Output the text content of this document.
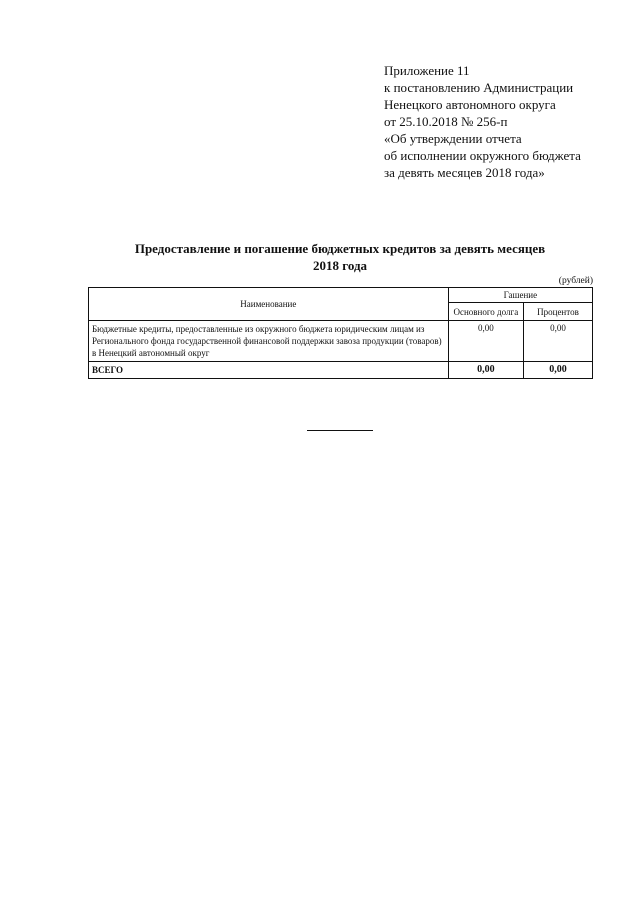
Приложение 11
к постановлению Администрации
Ненецкого автономного округа
от 25.10.2018 № 256-п
«Об утверждении отчета
об исполнении окружного бюджета
за девять месяцев 2018 года»
Предоставление и погашение бюджетных кредитов за девять месяцев
2018 года
(рублей)
Наименование	Гашение	
	Основного долга	Процентов
Бюджетные кредиты, предоставленные из окружного бюджета юридическим лицам из Регионального фонда государственной финансовой поддержки завоза продукции (товаров) в Ненецкий автономный округ	0,00	0,00
ВСЕГО	0,00	0,00
